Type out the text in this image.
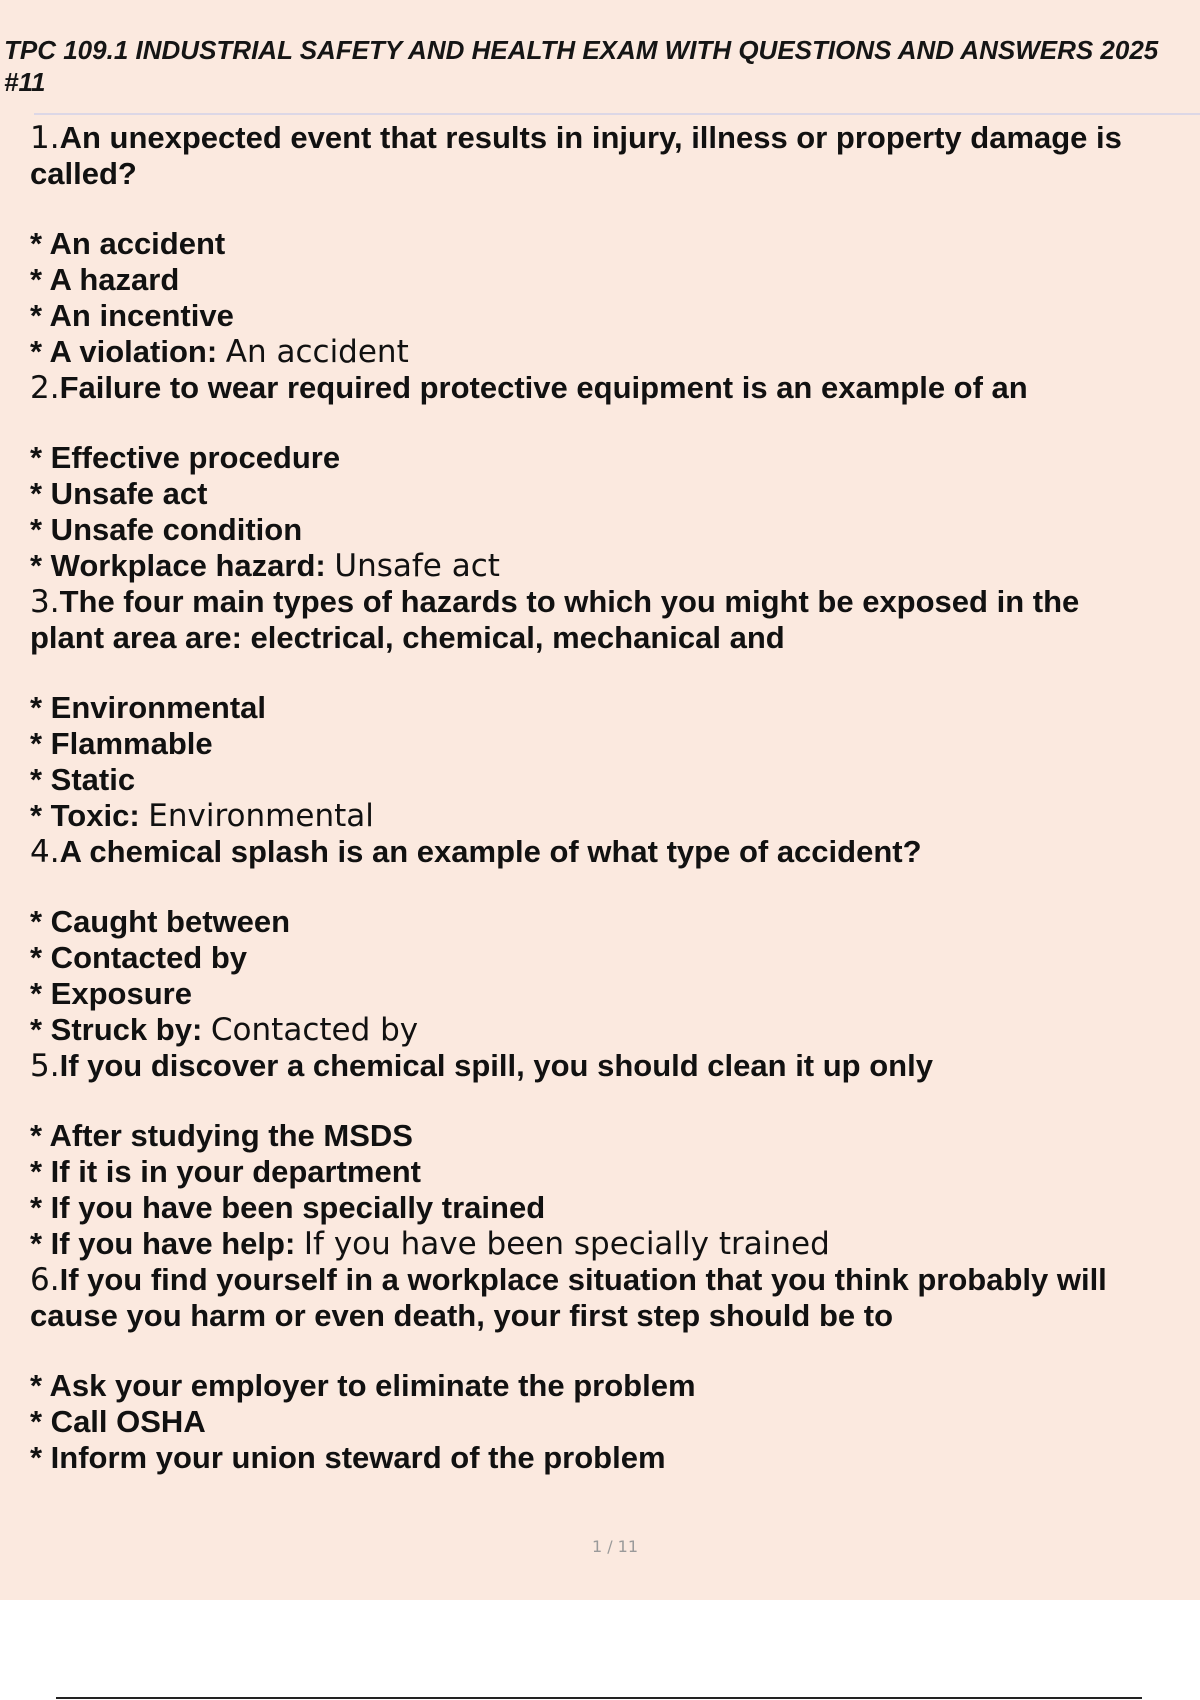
TPC 109.1 INDUSTRIAL SAFETY AND HEALTH EXAM WITH QUESTIONS AND ANSWERS 2025 #11
1.An unexpected event that results in injury, illness or property damage is called?
* An accident
* A hazard
* An incentive
* A violation: An accident
2.Failure to wear required protective equipment is an example of an
* Effective procedure
* Unsafe act
* Unsafe condition
* Workplace hazard: Unsafe act
3.The four main types of hazards to which you might be exposed in the plant area are: electrical, chemical, mechanical and
* Environmental
* Flammable
* Static
* Toxic: Environmental
4.A chemical splash is an example of what type of accident?
* Caught between
* Contacted by
* Exposure
* Struck by: Contacted by
5.If you discover a chemical spill, you should clean it up only
* After studying the MSDS
* If it is in your department
* If you have been specially trained
* If you have help: If you have been specially trained
6.If you find yourself in a workplace situation that you think probably will cause you harm or even death, your first step should be to
* Ask your employer to eliminate the problem
* Call OSHA
* Inform your union steward of the problem
1 / 11
